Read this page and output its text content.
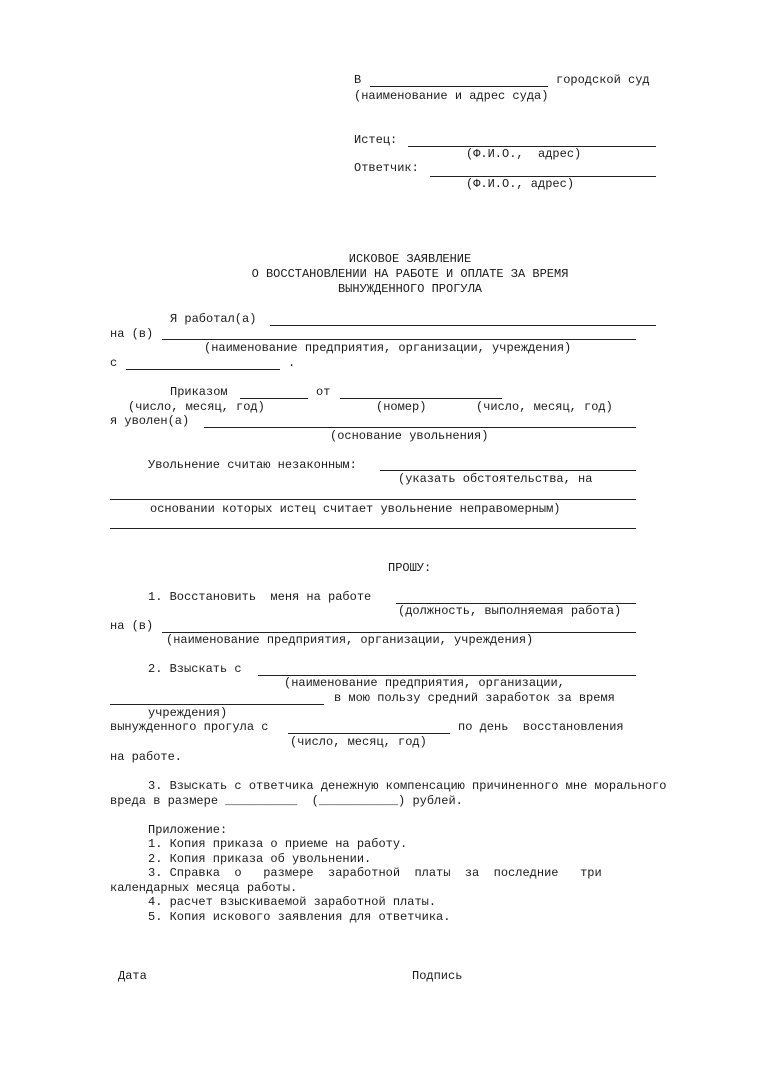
В	городской суд
(наименование и адрес суда)
Истец:
(Ф.И.О.,  адрес)
Ответчик:
(Ф.И.О., адрес)
ИСКОВОЕ ЗАЯВЛЕНИЕ
О ВОССТАНОВЛЕНИИ НА РАБОТЕ И ОПЛАТЕ ЗА ВРЕМЯ
ВЫНУЖДЕННОГО ПРОГУЛА
Я работал(а)
на (в)
(наименование предприятия, организации, учреждения)
с	.
Приказом	от
(число, месяц, год)	(номер)	(число, месяц, год)
я уволен(а)
(основание увольнения)
Увольнение считаю незаконным:
(указать обстоятельства, на
основании которых истец считает увольнение неправомерным)
ПРОШУ:
1. Восстановить  меня на работе
(должность, выполняемая работа)
на (в)
(наименование предприятия, организации, учреждения)
2. Взыскать с
(наименование предприятия, организации,
в мою пользу средний заработок за время
учреждения)
вынужденного прогула с	по день  восстановления
(число, месяц, год)
на работе.
3. Взыскать с ответчика денежную компенсацию причиненного мне морального
вреда в размере __________  (___________) рублей.
Приложение:
1. Копия приказа о приеме на работу.
2. Копия приказа об увольнении.
3. Справка  о   размере  заработной  платы  за  последние   три
календарных месяца работы.
4. расчет взыскиваемой заработной платы.
5. Копия искового заявления для ответчика.
Дата	Подпись
